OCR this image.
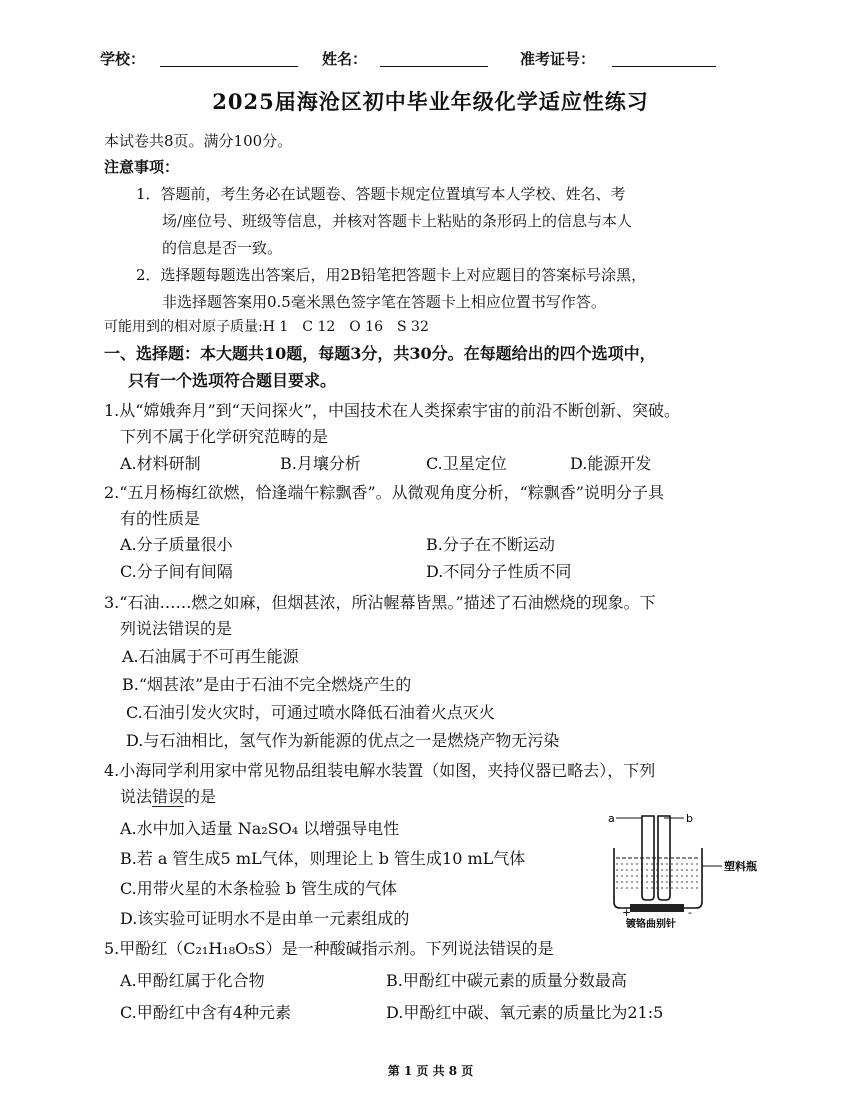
学校：	姓名：	准考证号：
2025届海沧区初中毕业年级化学适应性练习
本试卷共8页。满分100分。
注意事项：
1．答题前，考生务必在试题卷、答题卡规定位置填写本人学校、姓名、考
场/座位号、班级等信息，并核对答题卡上粘贴的条形码上的信息与本人
的信息是否一致。
2．选择题每题选出答案后，用2B铅笔把答题卡上对应题目的答案标号涂黑，
非选择题答案用0.5毫米黑色签字笔在答题卡上相应位置书写作答。
可能用到的相对原子质量:H 1　C 12　O 16　S 32
一、选择题：本大题共10题，每题3分，共30分。在每题给出的四个选项中，
只有一个选项符合题目要求。
1.从“嫦娥奔月”到“天问探火”，中国技术在人类探索宇宙的前沿不断创新、突破。
下列不属于化学研究范畴的是
A.材料研制	B.月壤分析	C.卫星定位	D.能源开发
2.“五月杨梅红欲燃，恰逢端午粽飘香”。从微观角度分析，“粽飘香”说明分子具
有的性质是
A.分子质量很小	B.分子在不断运动
C.分子间有间隔	D.不同分子性质不同
3.“石油……燃之如麻，但烟甚浓，所沾幄幕皆黑。”描述了石油燃烧的现象。下
列说法错误的是
A.石油属于不可再生能源
B.“烟甚浓”是由于石油不完全燃烧产生的
C.石油引发火灾时，可通过喷水降低石油着火点灭火
D.与石油相比，氢气作为新能源的优点之一是燃烧产物无污染
4.小海同学利用家中常见物品组装电解水装置（如图，夹持仪器已略去），下列
说法错误的是
A.水中加入适量 Na₂SO₄ 以增强导电性
B.若 a 管生成5 mL气体，则理论上 b 管生成10 mL气体
C.用带火星的木条检验 b 管生成的气体
D.该实验可证明水不是由单一元素组成的
a	b
塑料瓶
+	-
镀铬曲别针
5.甲酚红（C₂₁H₁₈O₅S）是一种酸碱指示剂。下列说法错误的是
A.甲酚红属于化合物	B.甲酚红中碳元素的质量分数最高
C.甲酚红中含有4种元素	D.甲酚红中碳、氧元素的质量比为21:5
第 1 页 共 8 页
